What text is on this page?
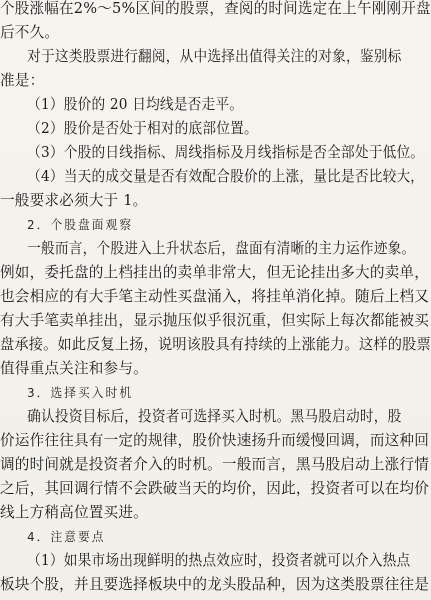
个股涨幅在2%～5%区间的股票，查阅的时间选定在上午刚刚开盘
后不久。
对于这类股票进行翻阅，从中选择出值得关注的对象，鉴别标
准是：
（1）股价的 20 日均线是否走平。
（2）股价是否处于相对的底部位置。
（3）个股的日线指标、周线指标及月线指标是否全部处于低位。
（4）当天的成交量是否有效配合股价的上涨，量比是否比较大，
一般要求必须大于 1。
2．个股盘面观察
一般而言，个股进入上升状态后，盘面有清晰的主力运作迹象。
例如，委托盘的上档挂出的卖单非常大，但无论挂出多大的卖单，
也会相应的有大手笔主动性买盘涌入，将挂单消化掉。随后上档又
有大手笔卖单挂出，显示抛压似乎很沉重，但实际上每次都能被买
盘承接。如此反复上扬，说明该股具有持续的上涨能力。这样的股票
值得重点关注和参与。
3．选择买入时机
确认投资目标后，投资者可选择买入时机。黑马股启动时，股
价运作往往具有一定的规律，股价快速扬升而缓慢回调，而这种回
调的时间就是投资者介入的时机。一般而言，黑马股启动上涨行情
之后，其回调行情不会跌破当天的均价，因此，投资者可以在均价
线上方稍高位置买进。
4．注意要点
（1）如果市场出现鲜明的热点效应时，投资者就可以介入热点
板块个股，并且要选择板块中的龙头股品种，因为这类股票往往是
